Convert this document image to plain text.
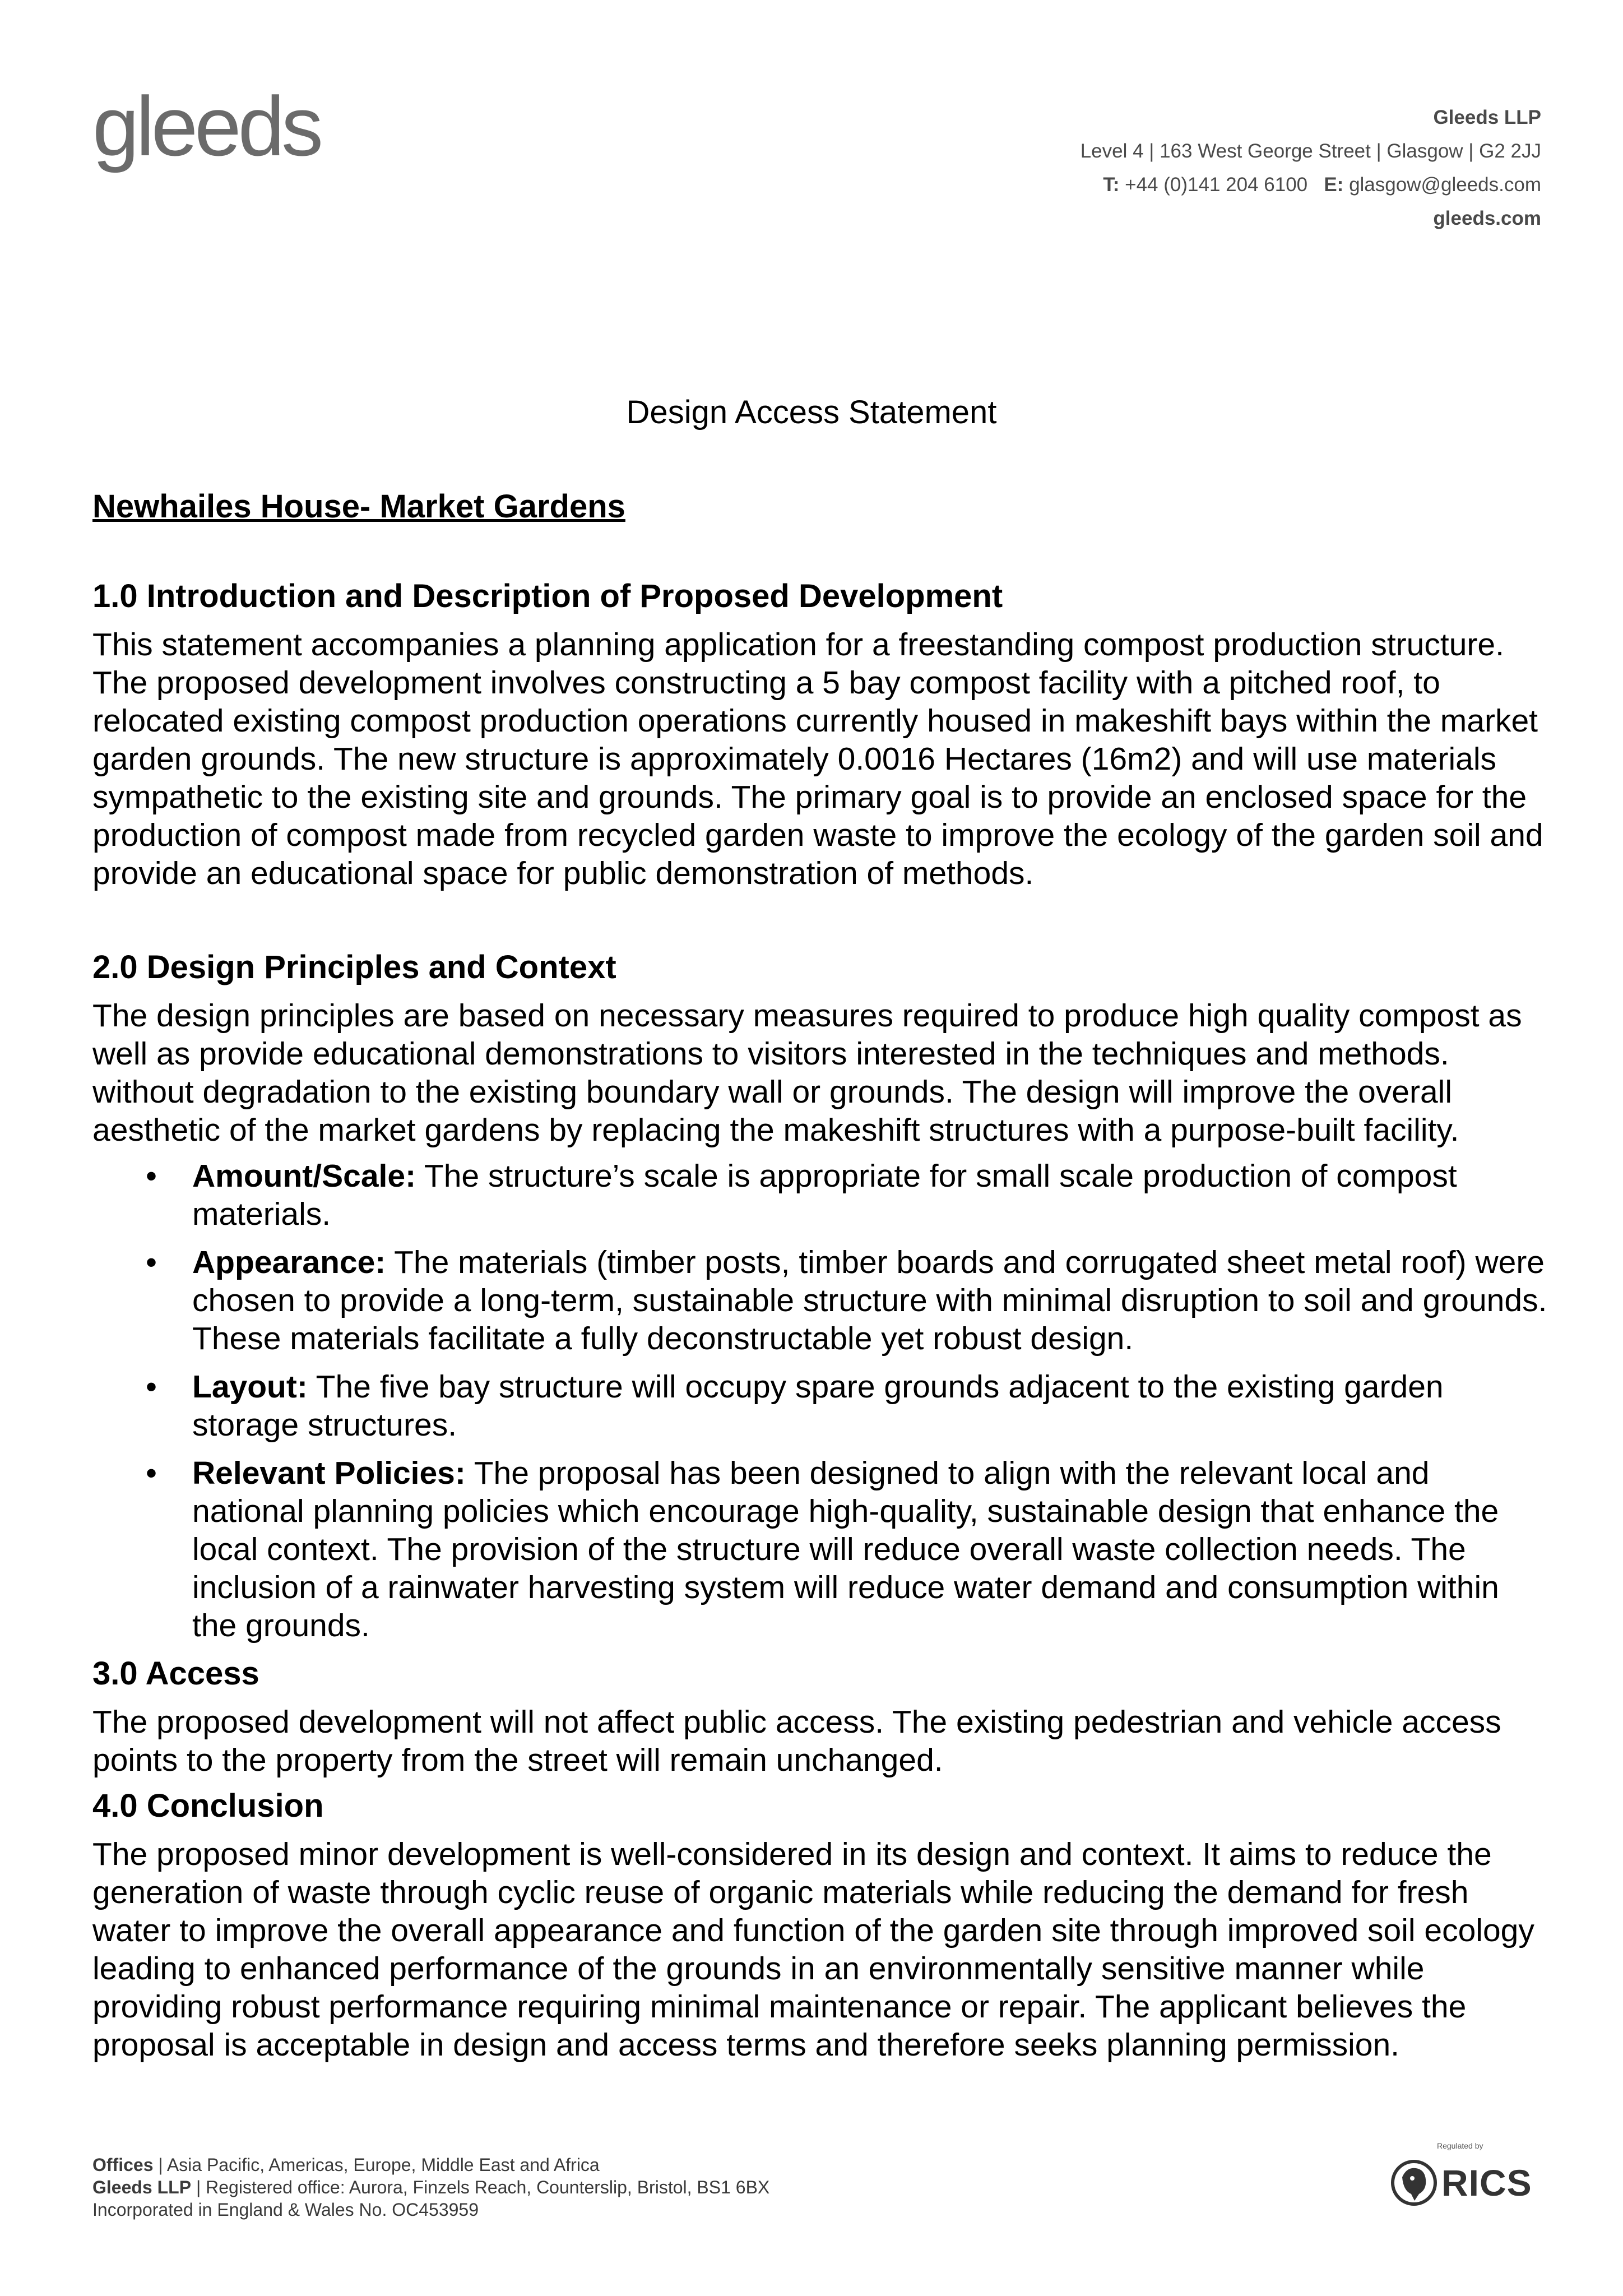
gleeds	Gleeds LLP
Level 4 | 163 West George Street | Glasgow | G2 2JJ
T: +44 (0)141 204 6100 E: glasgow@gleeds.com
gleeds.com
Design Access Statement

Newhailes House- Market Gardens

1.0 Introduction and Description of Proposed Development

This statement accompanies a planning application for a freestanding compost production structure. The proposed development involves constructing a 5 bay compost facility with a pitched roof, to relocated existing compost production operations currently housed in makeshift bays within the market garden grounds. The new structure is approximately 0.0016 Hectares (16m2) and will use materials sympathetic to the existing site and grounds. The primary goal is to provide an enclosed space for the production of compost made from recycled garden waste to improve the ecology of the garden soil and provide an educational space for public demonstration of methods.

2.0 Design Principles and Context

The design principles are based on necessary measures required to produce high quality compost as well as provide educational demonstrations to visitors interested in the techniques and methods. without degradation to the existing boundary wall or grounds. The design will improve the overall aesthetic of the market gardens by replacing the makeshift structures with a purpose-built facility.

• Amount/Scale: The structure’s scale is appropriate for small scale production of compost materials.
• Appearance: The materials (timber posts, timber boards and corrugated sheet metal roof) were chosen to provide a long-term, sustainable structure with minimal disruption to soil and grounds. These materials facilitate a fully deconstructable yet robust design.
• Layout: The five bay structure will occupy spare grounds adjacent to the existing garden storage structures.
• Relevant Policies: The proposal has been designed to align with the relevant local and national planning policies which encourage high-quality, sustainable design that enhance the local context. The provision of the structure will reduce overall waste collection needs. The inclusion of a rainwater harvesting system will reduce water demand and consumption within the grounds.
3.0 Access

The proposed development will not affect public access. The existing pedestrian and vehicle access points to the property from the street will remain unchanged.

4.0 Conclusion

The proposed minor development is well-considered in its design and context. It aims to reduce the generation of waste through cyclic reuse of organic materials while reducing the demand for fresh water to improve the overall appearance and function of the garden site through improved soil ecology leading to enhanced performance of the grounds in an environmentally sensitive manner while providing robust performance requiring minimal maintenance or repair. The applicant believes the proposal is acceptable in design and access terms and therefore seeks planning permission.

Offices | Asia Pacific, Americas, Europe, Middle East and Africa
Gleeds LLP | Registered office: Aurora, Finzels Reach, Counterslip, Bristol, BS1 6BX
Incorporated in England & Wales No. OC453959
Regulated by
RICS
